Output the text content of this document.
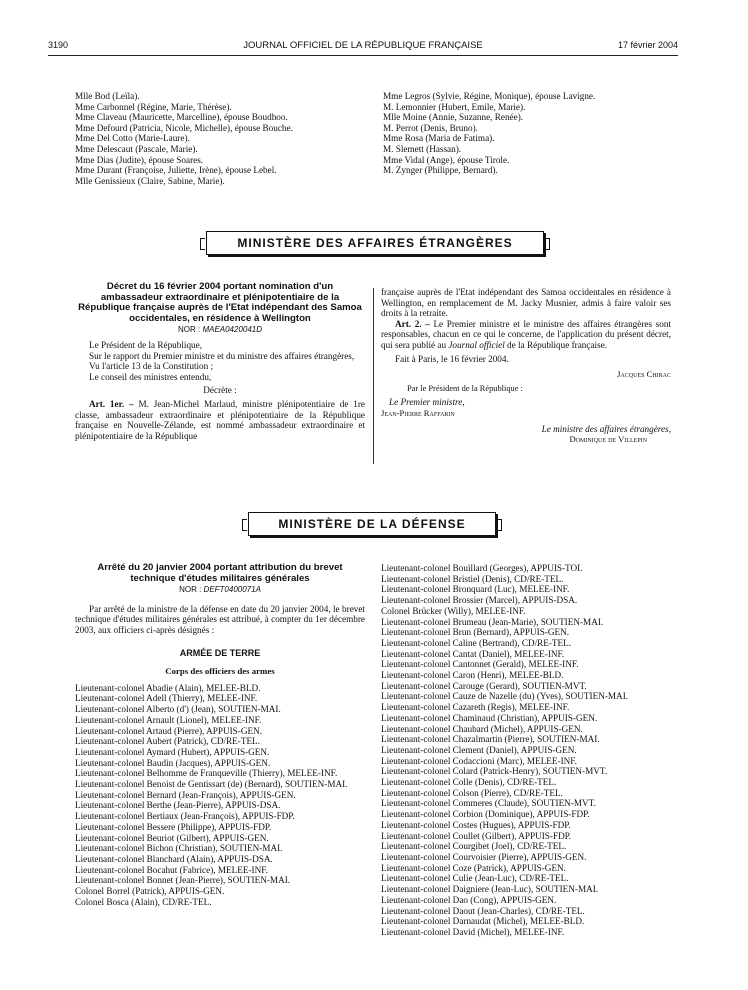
3190	JOURNAL OFFICIEL DE LA RÉPUBLIQUE FRANÇAISE	17 février 2004
Mlle Bod (Leïla).
Mme Carbonnel (Régine, Marie, Thérèse).
Mme Claveau (Mauricette, Marcelline), épouse Boudhoo.
Mme Defourd (Patricia, Nicole, Michelle), épouse Bouche.
Mme Del Cotto (Marie-Laure).
Mme Delescaut (Pascale, Marie).
Mme Dias (Judite), épouse Soares.
Mme Durant (Françoise, Juliette, Irène), épouse Lebel.
Mlle Genissieux (Claire, Sabine, Marie).
Mme Legros (Sylvie, Régine, Monique), épouse Lavigne.
M. Lemonnier (Hubert, Emile, Marie).
Mlle Moine (Annie, Suzanne, Renée).
M. Perrot (Denis, Bruno).
Mme Rosa (Maria de Fatima).
M. Slemett (Hassan).
Mme Vidal (Ange), épouse Tirole.
M. Zynger (Philippe, Bernard).
MINISTÈRE DES AFFAIRES ÉTRANGÈRES
Décret du 16 février 2004 portant nomination d'un ambassadeur extraordinaire et plénipotentiaire de la République française auprès de l'Etat indépendant des Samoa occidentales, en résidence à Wellington
NOR : MAEA0420041D
Le Président de la République,
Sur le rapport du Premier ministre et du ministre des affaires étrangères,
Vu l'article 13 de la Constitution ;
Le conseil des ministres entendu,
Décrète :
Art. 1er. – M. Jean-Michel Marlaud, ministre plénipotentiaire de 1re classe, ambassadeur extraordinaire et plénipotentiaire de la République française en Nouvelle-Zélande, est nommé ambassadeur extraordinaire et plénipotentiaire de la République
française auprès de l'Etat indépendant des Samoa occidentales en résidence à Wellington, en remplacement de M. Jacky Musnier, admis à faire valoir ses droits à la retraite.
Art. 2. – Le Premier ministre et le ministre des affaires étrangères sont responsables, chacun en ce qui le concerne, de l'application du présent décret, qui sera publié au Journal officiel de la République française.
Fait à Paris, le 16 février 2004.
Jacques Chirac
Par le Président de la République :
Le Premier ministre,
Jean-Pierre Raffarin
Le ministre des affaires étrangères,
Dominique de Villepin
MINISTÈRE DE LA DÉFENSE
Arrêté du 20 janvier 2004 portant attribution du brevet technique d'études militaires générales
NOR : DEFT0400071A
Par arrêté de la ministre de la défense en date du 20 janvier 2004, le brevet technique d'études militaires générales est attribué, à compter du 1er décembre 2003, aux officiers ci-après désignés :
ARMÉE DE TERRE
Corps des officiers des armes
Lieutenant-colonel Abadie (Alain), MELEE-BLD.
Lieutenant-colonel Adell (Thierry), MELEE-INF.
Lieutenant-colonel Alberto (d') (Jean), SOUTIEN-MAI.
Lieutenant-colonel Arnault (Lionel), MELEE-INF.
Lieutenant-colonel Artaud (Pierre), APPUIS-GEN.
Lieutenant-colonel Aubert (Patrick), CD/RE-TEL.
Lieutenant-colonel Aymard (Hubert), APPUIS-GEN.
Lieutenant-colonel Baudin (Jacques), APPUIS-GEN.
Lieutenant-colonel Belhomme de Franqueville (Thierry), MELEE-INF.
Lieutenant-colonel Benoist de Gentissart (de) (Bernard), SOUTIEN-MAI.
Lieutenant-colonel Bernard (Jean-François), APPUIS-GEN.
Lieutenant-colonel Berthe (Jean-Pierre), APPUIS-DSA.
Lieutenant-colonel Bertiaux (Jean-François), APPUIS-FDP.
Lieutenant-colonel Bessere (Philippe), APPUIS-FDP.
Lieutenant-colonel Beuriot (Gilbert), APPUIS-GEN.
Lieutenant-colonel Bichon (Christian), SOUTIEN-MAI.
Lieutenant-colonel Blanchard (Alain), APPUIS-DSA.
Lieutenant-colonel Bocahut (Fabrice), MELEE-INF.
Lieutenant-colonel Bonnet (Jean-Pierre), SOUTIEN-MAI.
Colonel Borrel (Patrick), APPUIS-GEN.
Colonel Bosca (Alain), CD/RE-TEL.
Lieutenant-colonel Bouillard (Georges), APPUIS-TOI.
Lieutenant-colonel Bristiel (Denis), CD/RE-TEL.
Lieutenant-colonel Bronquard (Luc), MELEE-INF.
Lieutenant-colonel Brossier (Marcel), APPUIS-DSA.
Colonel Brücker (Willy), MELEE-INF.
Lieutenant-colonel Brumeau (Jean-Marie), SOUTIEN-MAI.
Lieutenant-colonel Brun (Bernard), APPUIS-GEN.
Lieutenant-colonel Caline (Bertrand), CD/RE-TEL.
Lieutenant-colonel Cantat (Daniel), MELEE-INF.
Lieutenant-colonel Cantonnet (Gerald), MELEE-INF.
Lieutenant-colonel Caron (Henri), MELEE-BLD.
Lieutenant-colonel Carouge (Gerard), SOUTIEN-MVT.
Lieutenant-colonel Cauze de Nazelle (du) (Yves), SOUTIEN-MAI.
Lieutenant-colonel Cazareth (Regis), MELEE-INF.
Lieutenant-colonel Chaminaud (Christian), APPUIS-GEN.
Lieutenant-colonel Chaubard (Michel), APPUIS-GEN.
Lieutenant-colonel Chazalmartin (Pierre), SOUTIEN-MAI.
Lieutenant-colonel Clement (Daniel), APPUIS-GEN.
Lieutenant-colonel Codaccioni (Marc), MELEE-INF.
Lieutenant-colonel Colard (Patrick-Henry), SOUTIEN-MVT.
Lieutenant-colonel Colle (Denis), CD/RE-TEL.
Lieutenant-colonel Colson (Pierre), CD/RE-TEL.
Lieutenant-colonel Commeres (Claude), SOUTIEN-MVT.
Lieutenant-colonel Corbion (Dominique), APPUIS-FDP.
Lieutenant-colonel Costes (Hugues), APPUIS-FDP.
Lieutenant-colonel Coullet (Gilbert), APPUIS-FDP.
Lieutenant-colonel Courgibet (Joel), CD/RE-TEL.
Lieutenant-colonel Courvoisier (Pierre), APPUIS-GEN.
Lieutenant-colonel Coze (Patrick), APPUIS-GEN.
Lieutenant-colonel Culie (Jean-Luc), CD/RE-TEL.
Lieutenant-colonel Daigniere (Jean-Luc), SOUTIEN-MAI.
Lieutenant-colonel Dao (Cong), APPUIS-GEN.
Lieutenant-colonel Daout (Jean-Charles), CD/RE-TEL.
Lieutenant-colonel Darnaudat (Michel), MELEE-BLD.
Lieutenant-colonel David (Michel), MELEE-INF.
